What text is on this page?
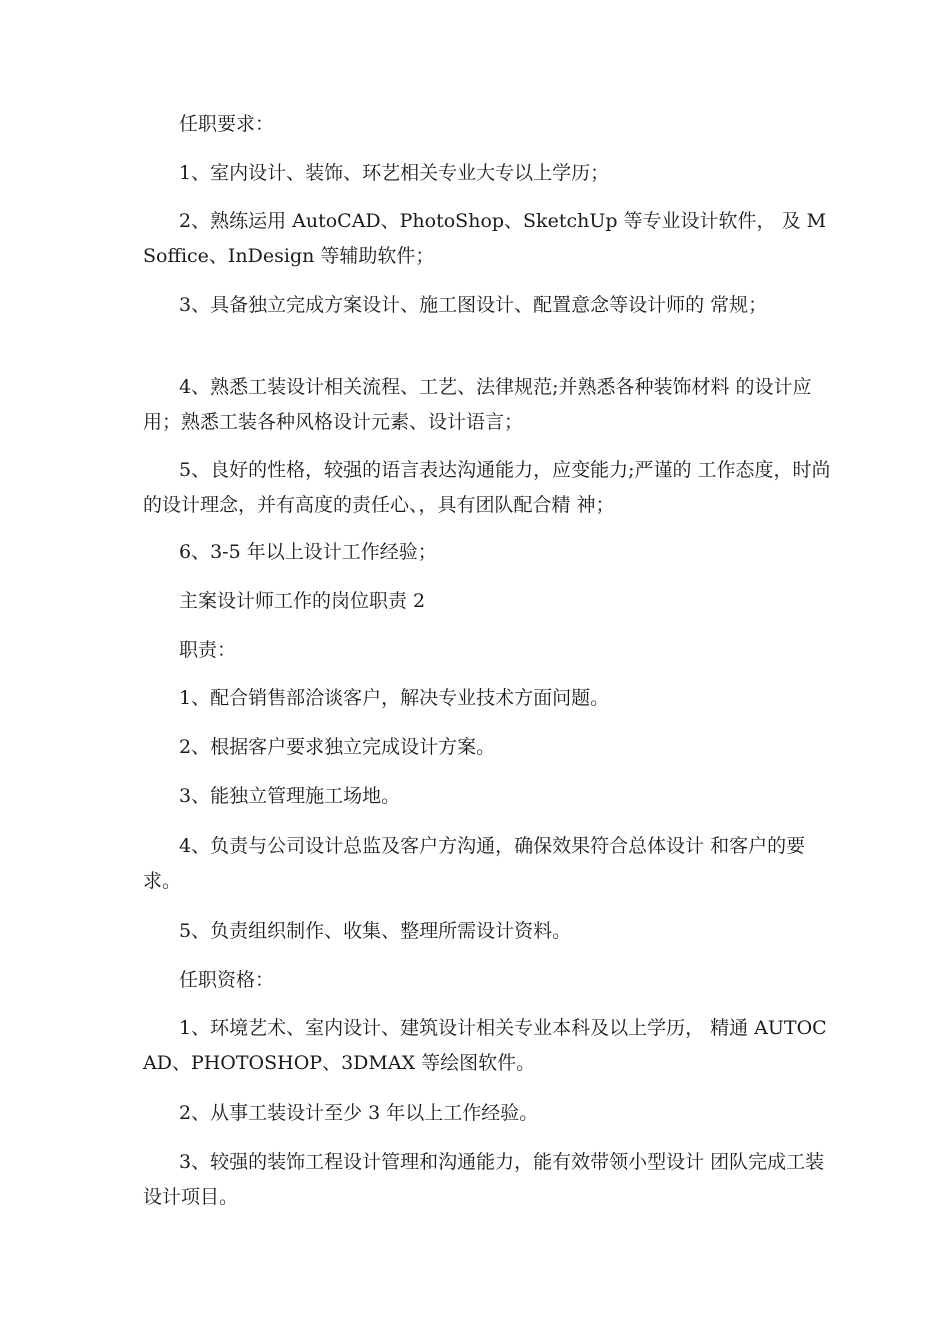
任职要求：

1、室内设计、装饰、环艺相关专业大专以上学历；

2、熟练运用 AutoCAD、PhotoShop、SketchUp 等专业设计软件， 及 MSoffice、InDesign 等辅助软件；

3、具备独立完成方案设计、施工图设计、配置意念等设计师的 常规；

4、熟悉工装设计相关流程、工艺、法律规范;并熟悉各种装饰材料 的设计应用；熟悉工装各种风格设计元素、设计语言；

5、良好的性格，较强的语言表达沟通能力，应变能力;严谨的 工作态度，时尚的设计理念，并有高度的责任心、，具有团队配合精 神；

6、3-5 年以上设计工作经验；

主案设计师工作的岗位职责 2

职责：

1、配合销售部洽谈客户，解决专业技术方面问题。

2、根据客户要求独立完成设计方案。

3、能独立管理施工场地。

4、负责与公司设计总监及客户方沟通，确保效果符合总体设计 和客户的要求。

5、负责组织制作、收集、整理所需设计资料。

任职资格：

1、环境艺术、室内设计、建筑设计相关专业本科及以上学历， 精通 AUTOCAD、PHOTOSHOP、3DMAX 等绘图软件。

2、从事工装设计至少 3 年以上工作经验。

3、较强的装饰工程设计管理和沟通能力，能有效带领小型设计 团队完成工装设计项目。
